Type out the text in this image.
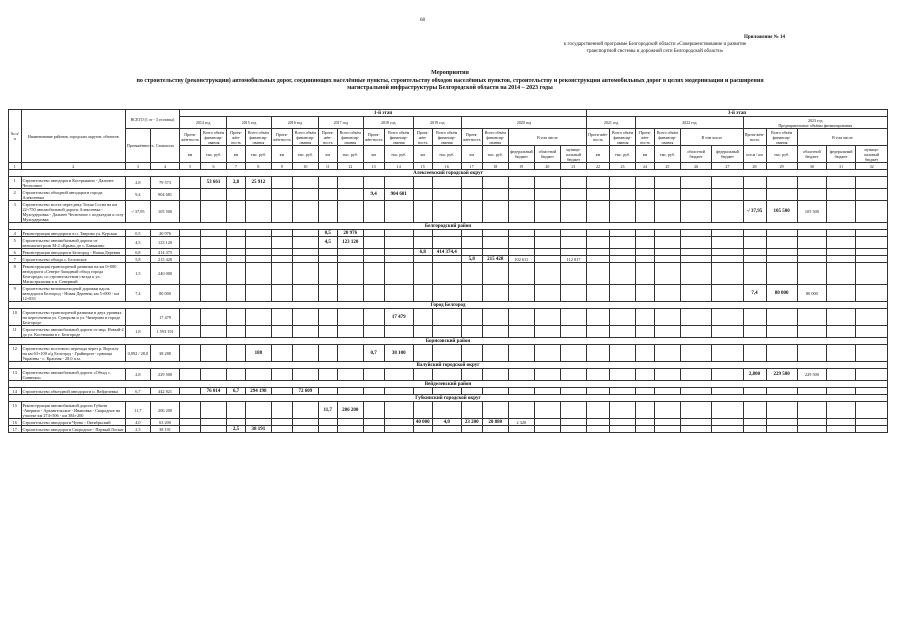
68
Приложение № 14
к государственной программе Белгородской области «Совершенствование и развитие
транспортной системы и дорожной сети Белгородской области»
Мероприятия
по строительству (реконструкции) автомобильных дорог, соединяющих населённые пункты, строительству обходов населённых пунктов, строительству и реконструкции автомобильных дорог в целях модернизации и расширения
магистральной инфраструктуры Белгородской области на 2014 – 2023 годы
№ п/п	Наименование районов, городских округов, объектов	ВСЕГО (1 эт - 3 эт.этапы)		1-й этап																	3-й этап										
				2014 год		2015 год		2016 год		2017 год		2018 год		2019 год		2020 год					2021 год		2022 год				2023 год
Предварительные объёмы финансирования				
		Протяжённость	Стоимость	Протя-жён-ность	Всего объём финансир-ования	Протя-жён-ность	Всего объём финансир-ования	Протя-жён-ность	Всего объём финансир-ования	Протя-жён-ность	Всего объём финансир-ования	Протя-жён-ность	Всего объём финансир-ования	Протя-жён-ность	Всего объём финансир-ования	Протя-жён-ность	Всего объём финансир-ования	В том числе			Протя-жён-ность	Всего объём финансир-ования	Протя-жён-ность	Всего объём финансир-ования	В том числе		Протя-жён-ность	Всего объём финансир-ования	В том числе		
				км	тыс. руб.	км	тыс. руб.	км	тыс. руб.	км	тыс. руб.	км	тыс. руб.	км	тыс. руб.	км	тыс. руб.	федеральный бюджет	областной бюджет	муници-пальный бюджет	км	тыс. руб.	км	тыс. руб.	областной бюджет	федеральный бюджет	пог.м / км	тыс. руб.	областной бюджет	федеральный бюджет	муници-пальный бюджет
1	2	3	4	5	6	7	8	9	10	11	12	13	14	15	16	17	18	19	20	21	22	23	24	25	26	27	28	29	30	31	32
Алексеевский городской округ																															
1	Строительство автодороги Кострыкино - Дальнее Чесночное	2,8	79 573		53 661	2,8	25 912																								
2	Строительство обходной автодороги города Алексеевки	9,4	904 681									9,4	904 681																		
3	Строительство моста через реку Тихая Сосна на км 22+750 автомобильной дороги Алексеевка - Мухоудеровка - Дальнее Чесночное с подъездом к селу Мухоудеровка	-/ 37,95	105 500																								-/ 37,95	105 500	105 500		
Белгородский район																															
4	Реконструкция автодороги в п. Таврово ул. Курская	0,5	20 976							0,5	20 976																				
5	Строительство автомобильной дороги от автомагистрали М-2 «Крым» до с. Бавыкино	4,5	123 120							4,5	123 120																				
6	Реконструкция автодороги Белгород - Новая Деревня	6,8	414 375											6,8	414 374,4																
7	Строительство обхода с. Беловское	5,8	215 428													5,8	215 428	102 611		112 817											
8	Реконструкция транспортной развязки на км 0+000 автодороги «Северо-Западный обход города Белгорода» со строительством съезда к ул. Магистральная в п. Северный	1,5	240 000																												
9	Строительство велопешеходной дорожки вдоль автодороги Белгород - Новая Деревня, км 5+000 - км 12+833	7,4	80 000																								7,4	80 000	80 000		
Город Белгород																															
10	Строительство транспортной развязки в двух уровнях на пересечении ул. Суворова и ул. Чичерина в городе Белгороде		17 479										17 479																		
11	Строительство автомобильной дороги от мкр. Новый-2 до ул. Костюкова в г. Белгороде	1,8	1 593 191																												
Борисовский район																															
12	Строительство мостового перехода через р. Ворсклу на км 63+100 а/д Белгород - Грайворон - граница Украины - с. Красная - 28,0 п.м.	0,092 / 28,0	38 288				188					0,7	38 100																		
Валуйский городской округ																															
13	Строительство автомобильной дороги «Обход с. Синички»	2,8	229 500																								2,800	229 500	229 500		
Вейделевский район																															
14	Строительство объездной автодороги п. Вейделевка	6,7	442 821		76 014	6,7	294 198		72 609																						
Губкинский городской округ																															
15	Реконструкция автомобильной дороги Губкин -Аверино - Архангельское - Ивановка - Скородное на участке км 274+506 - км 384+200	11,7	206 200							11,7	206 200																				
16	Строительство автодороги Чуево - Октябрьский	4,0	63 200											40 000	4,0	23 200	20 880	2 320													
17	Строительство автодороги Скородное - Первый Лоскот	2,5	38 191			2,5	38 191																								
